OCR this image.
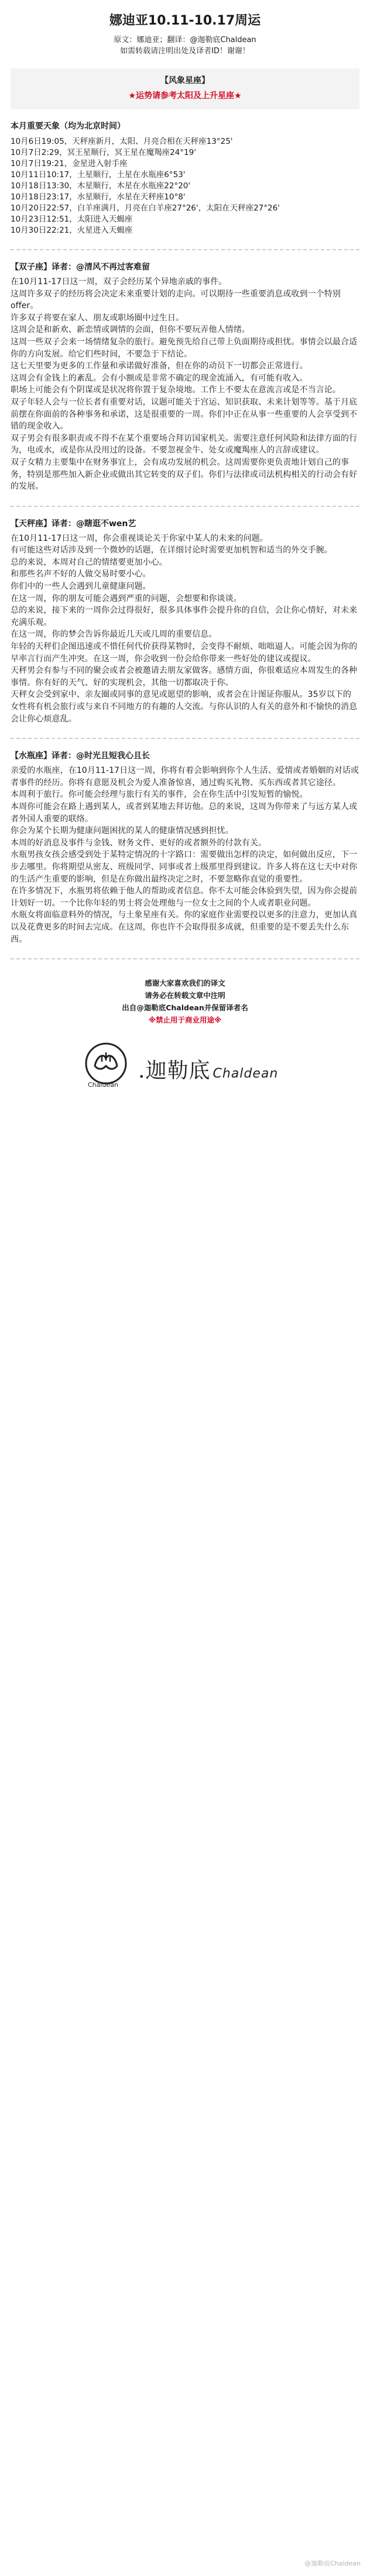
娜迪亚10.11-10.17周运

原文：娜迪亚；翻译：@迦勒底Chaldean

如需转载请注明出处及译者ID！谢谢！

【风象星座】
★运势请参考太阳及上升星座★
本月重要天象（均为北京时间）
10月6日19:05，天秤座新月，太阳、月亮合相在天秤座13°25'
10月7日2:29，冥王星顺行，冥王星在魔羯座24°19'
10月7日19:21，金星进入射手座
10月11日10:17，土星顺行，土星在水瓶座6°53'
10月18日13:30，木星顺行，木星在水瓶座22°20'
10月18日23:17，水星顺行，水星在天秤座10°8'
10月20日22:57，白羊座满月，月亮在白羊座27°26'，太阳在天秤座27°26'
10月23日12:51，太阳进入天蝎座
10月30日22:21，火星进入天蝎座
【双子座】译者：@清风不再过客难留

在10月11-17日这一周，双子会经历某个异地亲戚的事件。

这周许多双子的经历将会决定未来重要计划的走向。可以期待一些重要消息或收到一个特别offer。

许多双子将要在家人、朋友或职场圈中过生日。

这周会是和新欢、新恋情或调情的会面，但你不要玩弄他人情绪。

这周一些双子会来一场情绪复杂的旅行。避免预先给自己带上负面期待或担忧。事情会以最合适你的方向发展。给它们些时间，不要急于下结论。

这七天里要为更多的工作量和承诺做好准备，但在你的动员下一切都会正常进行。

这周会有金钱上的紊乱。会有小额或是非常不确定的现金流涌入，有可能有收入。

职场上可能会有个阴谋或是状况将你置于复杂境地。工作上不要太在意流言或是不当言论。

双子年轻人会与一位长者有重要对话，议题可能关于宫运、知识获取、未来计划等等。基于月底前摆在你面前的各种事务和承诺，这是很重要的一周。你们中正在从事一些重要的人会享受到不错的现金收入。

双子男会有很多职责或不得不在某个重要场合拜访国家机关。需要注意任何风险和法律方面的行为，电或水，或是你从没用过的设备。不要忽视金牛、处女或魔羯座人的言辞或建议。

双子女精力主要集中在财务事宜上，会有成功发展的机会。这周需要你更负责地计划自己的事务，特别是那些加入新企业或做出其它转变的双子们。你们与法律或司法机构相关的行动会有好的发展。

【天秤座】译者：@瞎逛不wen艺

在10月11-17日这一周，你会重视谈论关于你家中某人的未来的问题。

有可能这些对话涉及到一个微妙的话题，在详细讨论时需要更加机智和适当的外交手腕。

总的来说，本周对自己的情绪要更加小心。

和那些名声不好的人做交易时要小心。

你们中的一些人会遇到儿童健康问题。

在这一周，你的朋友可能会遇到严重的问题，会想要和你谈谈。

总的来说，接下来的一周你会过得很好，很多具体事件会提升你的自信，会让你心情好，对未来充满乐观。

在这一周，你的梦会告诉你最近几天或几周的重要信息。

年轻的天秤们企图迅速或不惜任何代价获得某物时，会变得不耐烦、咄咄逼人。可能会因为你的早率言行而产生冲突。在这一周，你会收到一份会给你带来一些好处的建议或提议。

天秤男会有参与不同的聚会或者会被邀请去朋友家做客。感情方面，你很难适应本周发生的各种事情。你有好的天气、好的实现机会，其他一切都取决于你。

天秤女会受到家中、亲友圈或同事的意见或愿望的影响，或者会在计图证你服从。35岁以下的女性将有机会旅行或与来自不同地方的有趣的人交流。与你认识的人有关的意外和不愉快的消息会让你心烦意乱。

【水瓶座】译者：@时光且短我心且长

亲爱的水瓶座，在10月11-17日这一周，你将有着会影响到你个人生活、爱情或者婚姻的对话或者事件的经历。你将有意愿及机会为爱人准备惊喜，通过购买礼物、买东西或者其它途径。

本周利于旅行。你可能会经理与旅行有关的事件，会在你生活中引发短暂的愉悦。

本周你可能会在路上遇到某人，或者到某地去拜访他。总的来说，这周为你带来了与远方某人或者外国人重要的联络。

你会为某个长期为健康问题困扰的某人的健康情况感到担忧。

本周的好消息及事件与金钱、财务文件、更好的或者额外的付款有关。

水瓶男孩女孩会感受到处于某特定情况的十字路口：需要做出怎样的决定，如何做出反应，下一步去哪里。你将期望从密友、班级同学、同事或者上级那里得到建议。许多人将在这七天中对你的生活产生重要的影响，但是在你做出最终决定之时，不要忽略你直觉的重要性。

在许多情况下，水瓶男将依赖于他人的帮助或者信息。你不太可能会体验到失望，因为你会提前计划好一切。一个比你年轻的男士将会处理他与一位女士之间的个人或者职业问题。

水瓶女将面临意料外的情况，与土象星座有关。你的家庭作业需要投以更多的注意力，更加认真以及花费更多的时间去完成。在这周，你也许不会取得很多成就，但重要的是不要丢失什么东西。

感谢大家喜欢我们的译文
请务必在转载文章中注明
出自@迦勒底Chaldean并保留译者名
※禁止用于商业用途※
.迦勒底 Chaldean
Chaldean
@迦勒底Chaldean
